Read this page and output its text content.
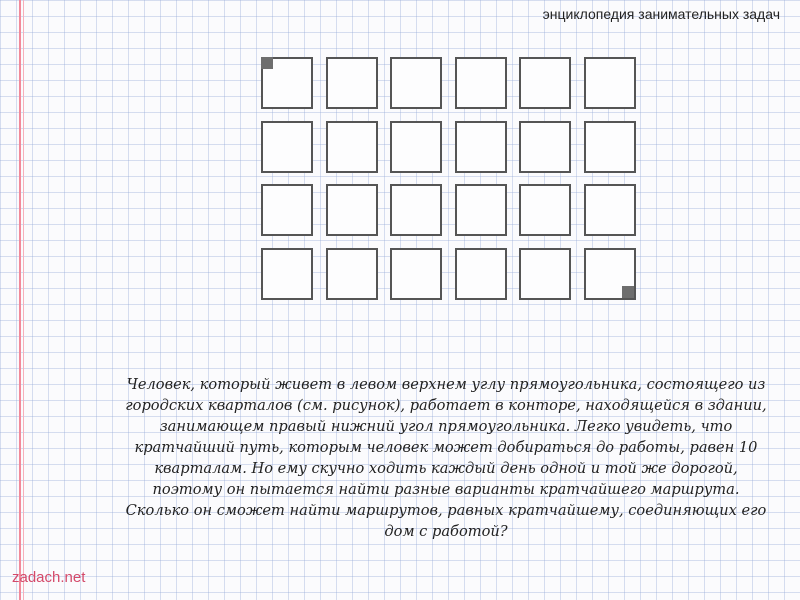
энциклопедия занимательных задач
Человек, который живет в левом верхнем углу прямоугольника, состоящего из городских кварталов (см. рисунок), работает в конторе, находящейся в здании, занимающем правый нижний угол прямоугольника. Легко увидеть, что кратчайший путь, которым человек может добираться до работы, равен 10 кварталам. Но ему скучно ходить каждый день одной и той же дорогой, поэтому он пытается найти разные варианты кратчайшего маршрута. Сколько он сможет найти маршрутов, равных кратчайшему, соединяющих его дом с работой?
zadach.net
